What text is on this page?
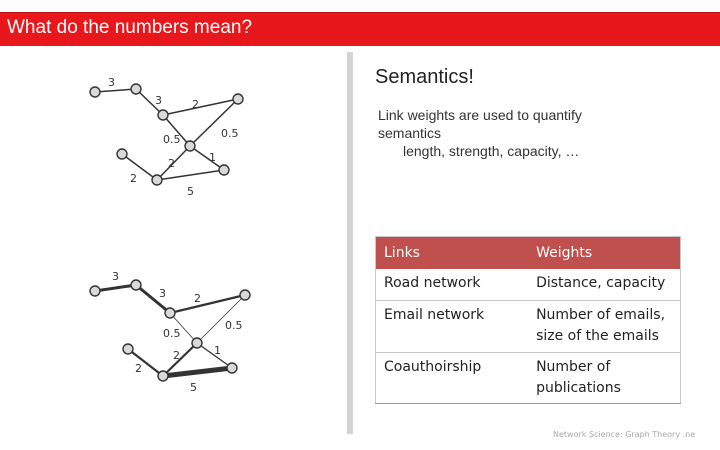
What do the numbers mean?
3
3	2
0.5	0.5
2	1
2
5
3
3	2
0.5
0.5
2	1
2
5
Semantics!
Link weights are used to quantify
semantics
length, strength, capacity, …
Links	Weights
Road network	Distance, capacity
Email network	Number of emails, size of the emails
Coauthoirship	Number of publications
Network Science: Graph Theory .ne
